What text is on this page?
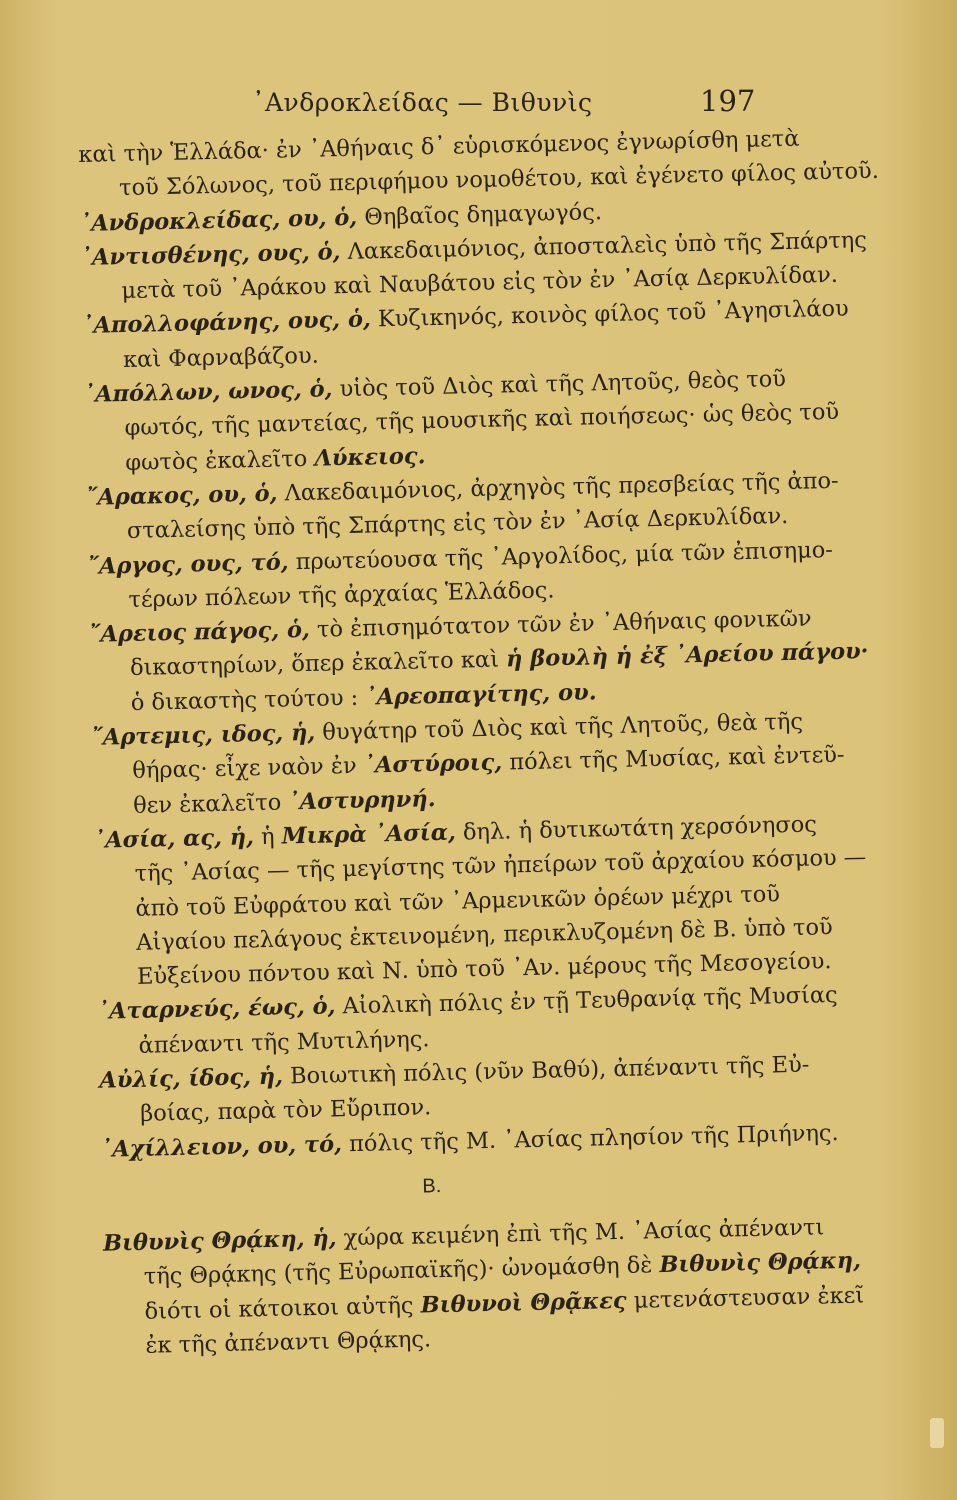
᾿Ανδροκλείδας — Βιθυνὶς	197
καὶ τὴν Ἑλλάδα· ἐν ᾿Αθήναις δ᾿ εὑρισκόμενος ἐγνωρίσθη μετὰ
τοῦ Σόλωνος, τοῦ περιφήμου νομοθέτου, καὶ ἐγένετο φίλος αὐτοῦ.
᾿Ανδροκλείδας, ου, ὁ, Θηβαῖος δημαγωγός.
᾿Αντισθένης, ους, ὁ, Λακεδαιμόνιος, ἀποσταλεὶς ὑπὸ τῆς Σπάρτης
μετὰ τοῦ ᾿Αράκου καὶ Ναυβάτου εἰς τὸν ἐν ᾿Ασίᾳ Δερκυλίδαν.
᾿Απολλοφάνης, ους, ὁ, Κυζικηνός, κοινὸς φίλος τοῦ ᾿Αγησιλάου
καὶ Φαρναβάζου.
᾿Απόλλων, ωνος, ὁ, υἱὸς τοῦ Διὸς καὶ τῆς Λητοῦς, θεὸς τοῦ
φωτός, τῆς μαντείας, τῆς μουσικῆς καὶ ποιήσεως· ὡς θεὸς τοῦ
φωτὸς ἐκαλεῖτο Λύκειος.
῎Αρακος, ου, ὁ, Λακεδαιμόνιος, ἀρχηγὸς τῆς πρεσβείας τῆς ἀπο-
σταλείσης ὑπὸ τῆς Σπάρτης εἰς τὸν ἐν ᾿Ασίᾳ Δερκυλίδαν.
῎Αργος, ους, τό, πρωτεύουσα τῆς ᾿Αργολίδος, μία τῶν ἐπισημο-
τέρων πόλεων τῆς ἀρχαίας Ἑλλάδος.
῎Αρειος πάγος, ὁ, τὸ ἐπισημότατον τῶν ἐν ᾿Αθήναις φονικῶν
δικαστηρίων, ὅπερ ἐκαλεῖτο καὶ ἡ βουλὴ ἡ ἐξ ᾿Αρείου πάγου·
ὁ δικαστὴς τούτου : ᾿Αρεοπαγίτης, ου.
῎Αρτεμις, ιδος, ἡ, θυγάτηρ τοῦ Διὸς καὶ τῆς Λητοῦς, θεὰ τῆς
θήρας· εἶχε ναὸν ἐν ᾿Αστύροις, πόλει τῆς Μυσίας, καὶ ἐντεῦ-
θεν ἐκαλεῖτο ᾿Αστυρηνή.
᾿Ασία, ας, ἡ, ἡ Μικρὰ ᾿Ασία, δηλ. ἡ δυτικωτάτη χερσόνησος
τῆς ᾿Ασίας — τῆς μεγίστης τῶν ἠπείρων τοῦ ἀρχαίου κόσμου —
ἀπὸ τοῦ Εὐφράτου καὶ τῶν ᾿Αρμενικῶν ὀρέων μέχρι τοῦ
Αἰγαίου πελάγους ἐκτεινομένη, περικλυζομένη δὲ Β. ὑπὸ τοῦ
Εὐξείνου πόντου καὶ Ν. ὑπὸ τοῦ ᾿Αν. μέρους τῆς Μεσογείου.
᾿Αταρνεύς, έως, ὁ, Αἰολικὴ πόλις ἐν τῇ Τευθρανίᾳ τῆς Μυσίας
ἀπέναντι τῆς Μυτιλήνης.
Αὐλίς, ίδος, ἡ, Βοιωτικὴ πόλις (νῦν Βαθύ), ἀπέναντι τῆς Εὐ-
βοίας, παρὰ τὸν Εὔριπον.
᾿Αχίλλειον, ου, τό, πόλις τῆς Μ. ᾿Ασίας πλησίον τῆς Πριήνης.
B.
Βιθυνὶς Θρᾴκη, ἡ, χώρα κειμένη ἐπὶ τῆς Μ. ᾿Ασίας ἀπέναντι
τῆς Θρᾴκης (τῆς Εὐρωπαϊκῆς)· ὠνομάσθη δὲ Βιθυνὶς Θρᾴκη,
διότι οἱ κάτοικοι αὐτῆς Βιθυνοὶ Θρᾷκες μετενάστευσαν ἐκεῖ
ἐκ τῆς ἀπέναντι Θρᾴκης.
